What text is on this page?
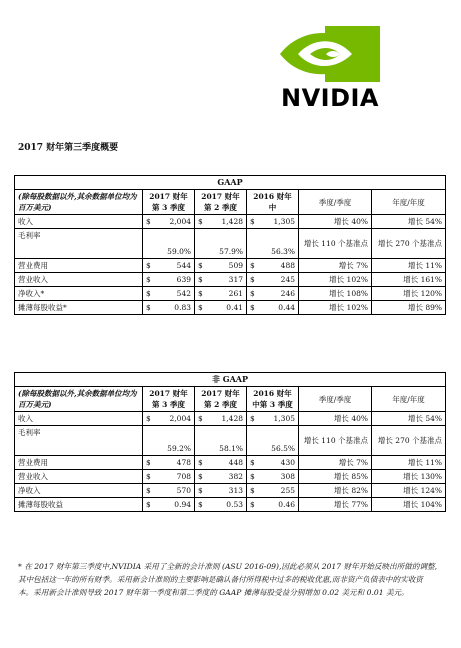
NVIDIA
2017 财年第三季度概要
GAAP								
(除每股数据以外,其余数据单位均为百万美元)	2017 财年第 3 季度		2017 财年第 2 季度		2016 财年中		季度/季度	年度/年度
收入	$	2,004	$	1,428	$	1,305	增长 40%	增长 54%
毛利率		59.0%		57.9%		56.3%	增长 110 个基准点	增长 270 个基准点
营业费用	$	544	$	509	$	488	增长 7%	增长 11%
营业收入	$	639	$	317	$	245	增长 102%	增长 161%
净收入*	$	542	$	261	$	246	增长 108%	增长 120%
摊薄每股收益*	$	0.83	$	0.41	$	0.44	增长 102%	增长 89%
非 GAAP								
(除每股数据以外,其余数据单位均为百万美元)	2017 财年第 3 季度		2017 财年第 2 季度		2016 财年中第 3 季度		季度/季度	年度/年度
收入	$	2,004	$	1,428	$	1,305	增长 40%	增长 54%
毛利率		59.2%		58.1%		56.5%	增长 110 个基准点	增长 270 个基准点
营业费用	$	478	$	448	$	430	增长 7%	增长 11%
营业收入	$	708	$	382	$	308	增长 85%	增长 130%
净收入	$	570	$	313	$	255	增长 82%	增长 124%
摊薄每股收益	$	0.94	$	0.53	$	0.46	增长 77%	增长 104%
* 在 2017 财年第三季度中,NVIDIA 采用了全新的会计准则 (ASU 2016-09),因此必须从 2017 财年开始反映出所做的调整,其中包括这一年的所有财季。采用新会计准则的主要影响是确认备付所得税中过多的税收优惠,而非资产负债表中的实收资本。采用新会计准则导致 2017 财年第一季度和第二季度的 GAAP 摊薄每股受益分别增加 0.02 美元和 0.01 美元。
